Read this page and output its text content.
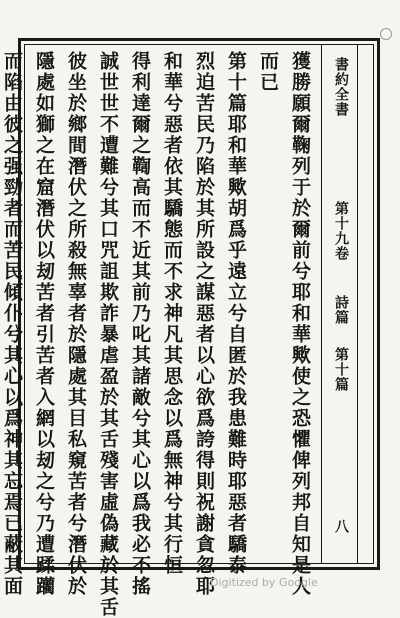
獲勝願爾鞠列于於爾前兮耶和華歟使之恐懼俾列邦自知是人
而已
第十篇耶和華歟胡爲乎遠立兮自匿於我患難時耶惡者驕泰
烈迫苦民乃陷於其所設之謀惡者以心欲爲誇得則祝謝貪忽耶
和華兮惡者依其驕態而不求神凡其思念以爲無神兮其行恒
得利達爾之鞫高而不近其前乃叱其諸敵兮其心以爲我必不搖
誠世世不遭難兮其口咒詛欺詐暴虐盈於其舌殘害虛偽藏於其舌
彼坐於鄉間潛伏之所殺無辜者於隱處其目私窺苦者兮潛伏於
隱處如獅之在窟潛伏以刼苦者引苦者入網以刼之兮乃遭蹂躪
而陷由彼之强勁者而苦民傾仆兮其心以爲神其忘焉已蔽其面	書約全書
第十九卷
詩篇
第十篇
八
Digitized by Google
